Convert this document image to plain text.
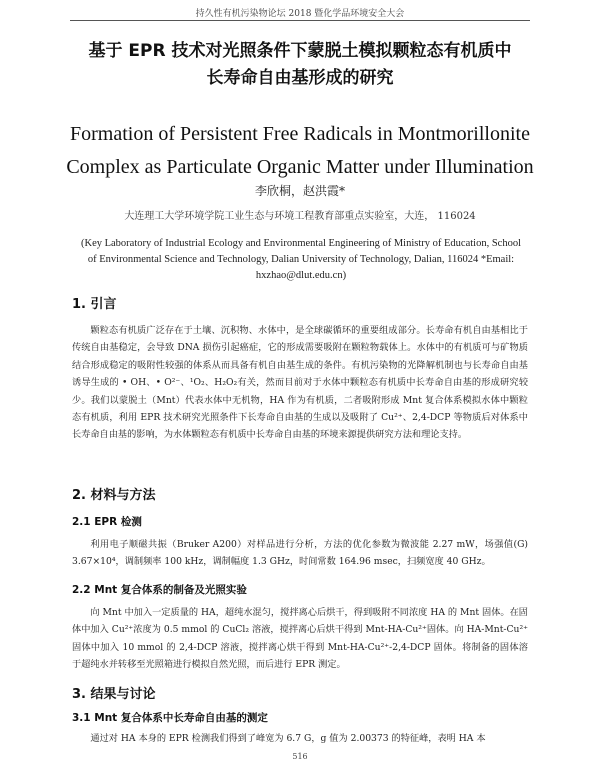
持久性有机污染物论坛 2018 暨化学品环境安全大会
基于 EPR 技术对光照条件下蒙脱土模拟颗粒态有机质中
长寿命自由基形成的研究
Formation of Persistent Free Radicals in Montmorillonite
Complex as Particulate Organic Matter under Illumination
李欣桐，赵洪霞*
大连理工大学环境学院工业生态与环境工程教育部重点实验室，大连， 116024
(Key Laboratory of Industrial Ecology and Environmental Engineering of Ministry of Education, School of Environmental Science and Technology, Dalian University of Technology, Dalian, 116024 *Email: hxzhao@dlut.edu.cn)
1. 引言

颗粒态有机质广泛存在于土壤、沉积物、水体中，是全球碳循环的重要组成部分。长寿命有机自由基相比于传统自由基稳定，会导致 DNA 损伤引起癌症，它的形成需要吸附在颗粒物载体上。水体中的有机质可与矿物质结合形成稳定的吸附性较强的体系从而具备有机自由基生成的条件。有机污染物的光降解机制也与长寿命自由基诱导生成的 • OH、• O²⁻、¹O₂、H₂O₂有关，然而目前对于水体中颗粒态有机质中长寿命自由基的形成研究较少。我们以蒙脱土（Mnt）代表水体中无机物，HA 作为有机质，二者吸附形成 Mnt 复合体系模拟水体中颗粒态有机质，利用 EPR 技术研究光照条件下长寿命自由基的生成以及吸附了 Cu²⁺、2,4-DCP 等物质后对体系中长寿命自由基的影响，为水体颗粒态有机质中长寿命自由基的环境来源提供研究方法和理论支持。

2. 材料与方法
2.1 EPR 检测

利用电子顺磁共振（Bruker A200）对样品进行分析，方法的优化参数为微波能 2.27 mW，场强值(G) 3.67×10⁴，调制频率 100 kHz，调制幅度 1.3 GHz，时间常数 164.96 msec，扫频宽度 40 GHz。

2.2 Mnt 复合体系的制备及光照实验

向 Mnt 中加入一定质量的 HA，超纯水混匀，搅拌离心后烘干，得到吸附不同浓度 HA 的 Mnt 固体。在固体中加入 Cu²⁺浓度为 0.5 mmol 的 CuCl₂ 溶液，搅拌离心后烘干得到 Mnt-HA-Cu²⁺固体。向 HA-Mnt-Cu²⁺固体中加入 10 mmol 的 2,4-DCP 溶液，搅拌离心烘干得到 Mnt-HA-Cu²⁺-2,4-DCP 固体。将制备的固体溶于超纯水并转移至光照箱进行模拟自然光照，而后进行 EPR 测定。

3. 结果与讨论
3.1 Mnt 复合体系中长寿命自由基的测定

通过对 HA 本身的 EPR 检测我们得到了峰宽为 6.7 G，g 值为 2.00373 的特征峰，表明 HA 本

516
